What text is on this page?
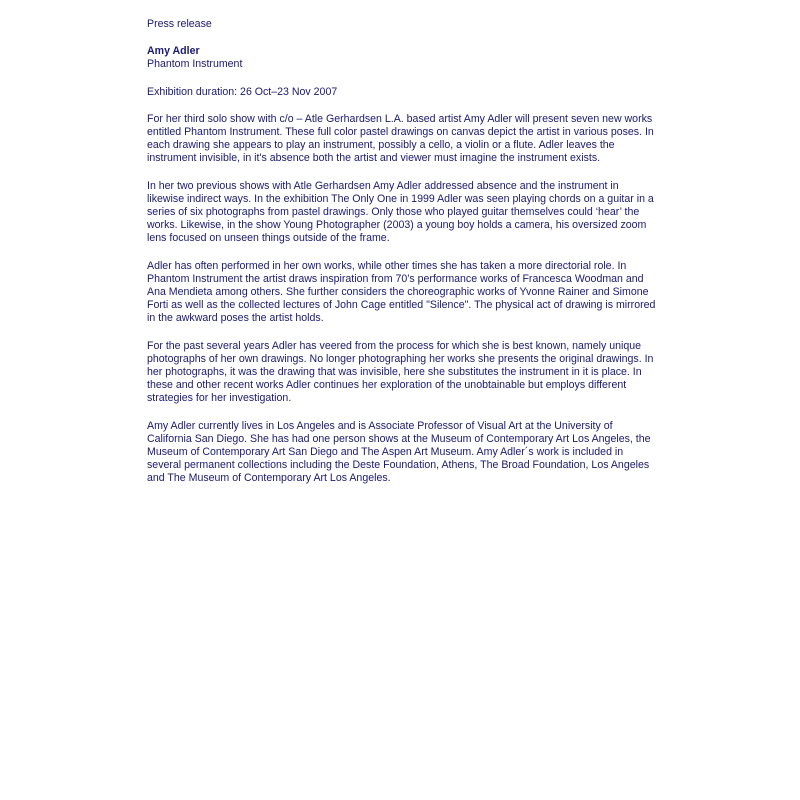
Press release

Amy Adler

Phantom Instrument

Exhibition duration: 26 Oct–23 Nov 2007

For her third solo show with c/o – Atle Gerhardsen L.A. based artist Amy Adler will present seven new works entitled Phantom Instrument. These full color pastel drawings on canvas depict the artist in various poses. In each drawing she appears to play an instrument, possibly a cello, a violin or a flute. Adler leaves the instrument invisible, in it's absence both the artist and viewer must imagine the instrument exists.

In her two previous shows with Atle Gerhardsen Amy Adler addressed absence and the instrument in likewise indirect ways. In the exhibition The Only One in 1999 Adler was seen playing chords on a guitar in a series of six photographs from pastel drawings. Only those who played guitar themselves could ‘hear’ the works. Likewise, in the show Young Photographer (2003) a young boy holds a camera, his oversized zoom lens focused on unseen things outside of the frame.

Adler has often performed in her own works, while other times she has taken a more directorial role. In Phantom Instrument the artist draws inspiration from 70’s performance works of Francesca Woodman and Ana Mendieta among others. She further considers the choreographic works of Yvonne Rainer and Simone Forti as well as the collected lectures of John Cage entitled "Silence". The physical act of drawing is mirrored in the awkward poses the artist holds.

For the past several years Adler has veered from the process for which she is best known, namely unique photographs of her own drawings. No longer photographing her works she presents the original drawings. In her photographs, it was the drawing that was invisible, here she substitutes the instrument in it is place. In these and other recent works Adler continues her exploration of the unobtainable but employs different strategies for her investigation.

Amy Adler currently lives in Los Angeles and is Associate Professor of Visual Art at the University of California San Diego. She has had one person shows at the Museum of Contemporary Art Los Angeles, the Museum of Contemporary Art San Diego and The Aspen Art Museum. Amy Adler´s work is included in several permanent collections including the Deste Foundation, Athens, The Broad Foundation, Los Angeles and The Museum of Contemporary Art Los Angeles.
